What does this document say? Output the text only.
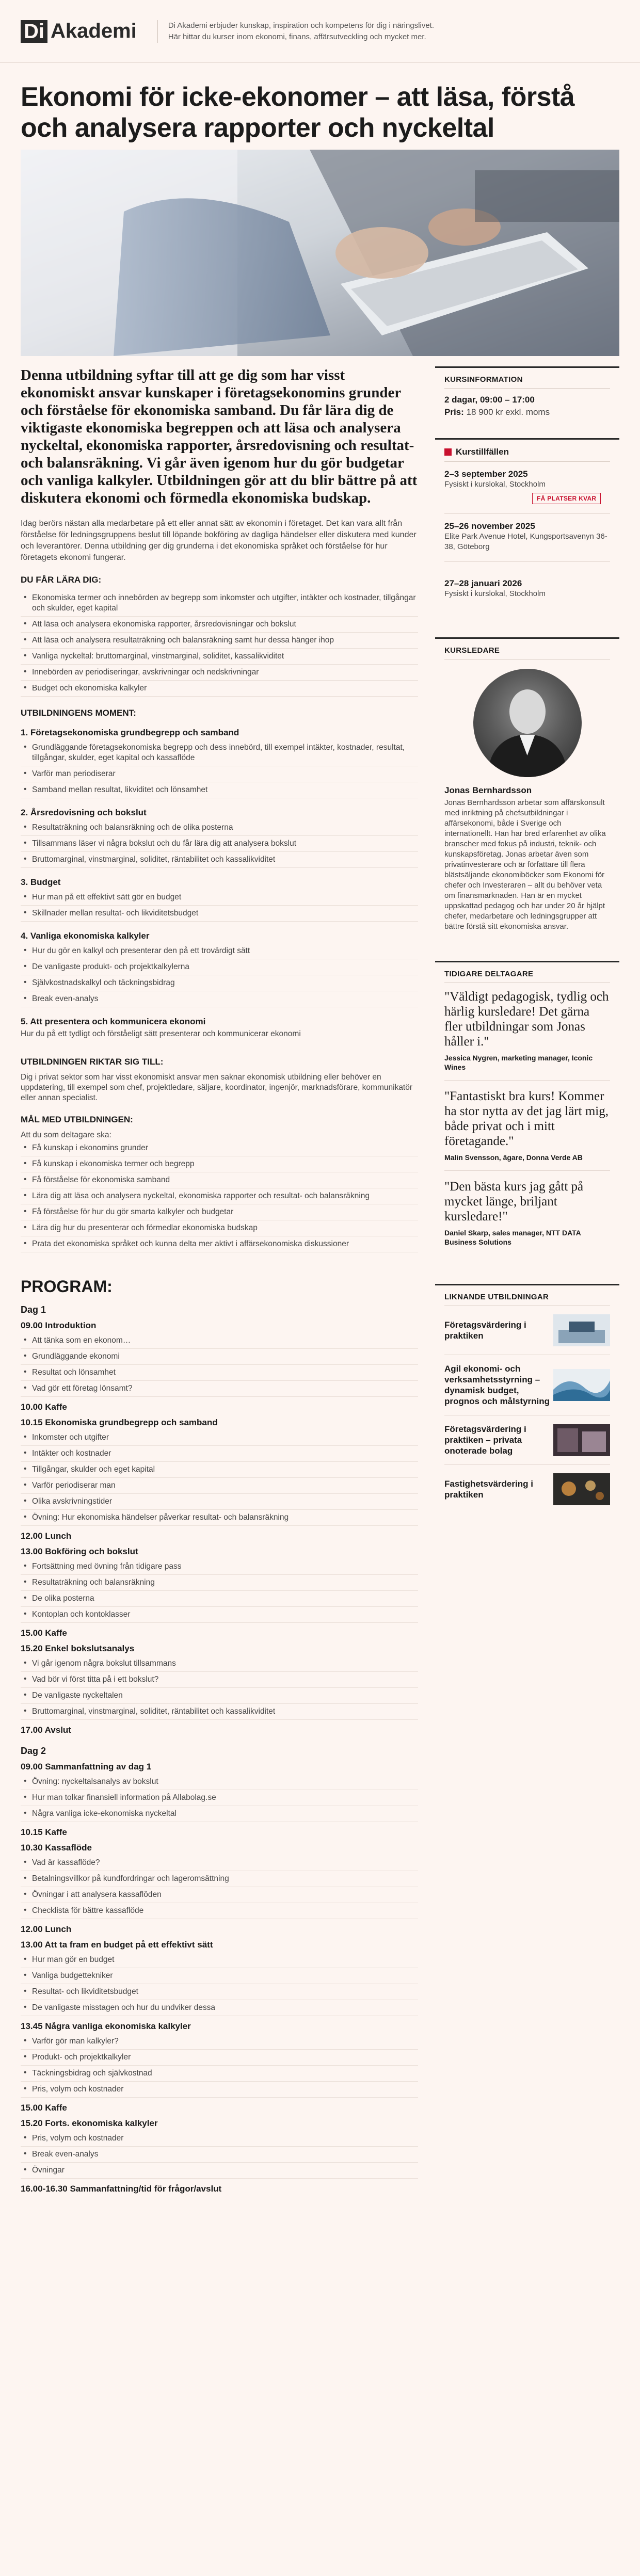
Di Akademi	Di Akademi erbjuder kunskap, inspiration och kompetens för dig i näringslivet.
Här hittar du kurser inom ekonomi, finans, affärsutveckling och mycket mer.
Ekonomi för icke-ekonomer – att läsa, förstå och analysera rapporter och nyckeltal

Denna utbildning syftar till att ge dig som har visst ekonomiskt ansvar kunskaper i företagsekonomins grunder och förståelse för ekonomiska samband. Du får lära dig de viktigaste ekonomiska begreppen och att läsa och analysera nyckeltal, ekonomiska rapporter, årsredovisning och resultat- och balansräkning. Vi går även igenom hur du gör budgetar och vanliga kalkyler. Utbildningen gör att du blir bättre på att diskutera ekonomi och förmedla ekonomiska budskap.

Idag berörs nästan alla medarbetare på ett eller annat sätt av ekonomin i företaget. Det kan vara allt från förståelse för ledningsgruppens beslut till löpande bokföring av dagliga händelser eller diskutera med kunder och leverantörer. Denna utbildning ger dig grunderna i det ekonomiska språket och förståelse för hur företagets ekonomi fungerar.

DU FÅR LÄRA DIG:
• Ekonomiska termer och innebörden av begrepp som inkomster och utgifter, intäkter och kostnader, tillgångar och skulder, eget kapital
• Att läsa och analysera ekonomiska rapporter, årsredovisningar och bokslut
• Att läsa och analysera resultaträkning och balansräkning samt hur dessa hänger ihop
• Vanliga nyckeltal: bruttomarginal, vinstmarginal, soliditet, kassalikviditet
• Innebörden av periodiseringar, avskrivningar och nedskrivningar
• Budget och ekonomiska kalkyler
UTBILDNINGENS MOMENT:
1. Företagsekonomiska grundbegrepp och samband
• Grundläggande företagsekonomiska begrepp och dess innebörd, till exempel intäkter, kostnader, resultat, tillgångar, skulder, eget kapital och kassaflöde
• Varför man periodiserar
• Samband mellan resultat, likviditet och lönsamhet
2. Årsredovisning och bokslut
• Resultaträkning och balansräkning och de olika posterna
• Tillsammans läser vi några bokslut och du får lära dig att analysera bokslut
• Bruttomarginal, vinstmarginal, soliditet, räntabilitet och kassalikviditet
3. Budget
• Hur man på ett effektivt sätt gör en budget
• Skillnader mellan resultat- och likviditetsbudget
4. Vanliga ekonomiska kalkyler
• Hur du gör en kalkyl och presenterar den på ett trovärdigt sätt
• De vanligaste produkt- och projektkalkylerna
• Självkostnadskalkyl och täckningsbidrag
• Break even-analys
5. Att presentera och kommunicera ekonomi

Hur du på ett tydligt och förståeligt sätt presenterar och kommunicerar ekonomi

UTBILDNINGEN RIKTAR SIG TILL:

Dig i privat sektor som har visst ekonomiskt ansvar men saknar ekonomisk utbildning eller behöver en uppdatering, till exempel som chef, projektledare, säljare, koordinator, ingenjör, marknadsförare, kommunikatör eller annan specialist.

MÅL MED UTBILDNINGEN:

Att du som deltagare ska:

• Få kunskap i ekonomins grunder
• Få kunskap i ekonomiska termer och begrepp
• Få förståelse för ekonomiska samband
• Lära dig att läsa och analysera nyckeltal, ekonomiska rapporter och resultat- och balansräkning
• Få förståelse för hur du gör smarta kalkyler och budgetar
• Lära dig hur du presenterar och förmedlar ekonomiska budskap
• Prata det ekonomiska språket och kunna delta mer aktivt i affärsekonomiska diskussioner
PROGRAM:
Dag 1
09.00 Introduktion
• Att tänka som en ekonom…
• Grundläggande ekonomi
• Resultat och lönsamhet
• Vad gör ett företag lönsamt?
10.00 Kaffe
10.15 Ekonomiska grundbegrepp och samband
• Inkomster och utgifter
• Intäkter och kostnader
• Tillgångar, skulder och eget kapital
• Varför periodiserar man
• Olika avskrivningstider
• Övning: Hur ekonomiska händelser påverkar resultat- och balansräkning
12.00 Lunch
13.00 Bokföring och bokslut
• Fortsättning med övning från tidigare pass
• Resultaträkning och balansräkning
• De olika posterna
• Kontoplan och kontoklasser
15.00 Kaffe
15.20 Enkel bokslutsanalys
• Vi går igenom några bokslut tillsammans
• Vad bör vi först titta på i ett bokslut?
• De vanligaste nyckeltalen
• Bruttomarginal, vinstmarginal, soliditet, räntabilitet och kassalikviditet
17.00 Avslut
Dag 2
09.00 Sammanfattning av dag 1
• Övning: nyckeltalsanalys av bokslut
• Hur man tolkar finansiell information på Allabolag.se
• Några vanliga icke-ekonomiska nyckeltal
10.15 Kaffe
10.30 Kassaflöde
• Vad är kassaflöde?
• Betalningsvillkor på kundfordringar och lageromsättning
• Övningar i att analysera kassaflöden
• Checklista för bättre kassaflöde
12.00 Lunch
13.00 Att ta fram en budget på ett effektivt sätt
• Hur man gör en budget
• Vanliga budgettekniker
• Resultat- och likviditetsbudget
• De vanligaste misstagen och hur du undviker dessa
13.45 Några vanliga ekonomiska kalkyler
• Varför gör man kalkyler?
• Produkt- och projektkalkyler
• Täckningsbidrag och självkostnad
• Pris, volym och kostnader
15.00 Kaffe
15.20 Forts. ekonomiska kalkyler
• Pris, volym och kostnader
• Break even-analys
• Övningar
16.00-16.30 Sammanfattning/tid för frågor/avslut
KURSINFORMATION
2 dagar, 09:00 – 17:00
Pris: 18 900 kr exkl. moms
Kurstillfällen
2–3 september 2025
Fysiskt i kurslokal, Stockholm
FÅ PLATSER KVAR
25–26 november 2025
Elite Park Avenue Hotel, Kungsportsavenyn 36-38, Göteborg
27–28 januari 2026
Fysiskt i kurslokal, Stockholm
KURSLEDARE
Jonas Bernhardsson
Jonas Bernhardsson arbetar som affärskonsult med inriktning på chefsutbildningar i affärsekonomi, både i Sverige och internationellt. Han har bred erfarenhet av olika branscher med fokus på industri, teknik- och kunskapsföretag. Jonas arbetar även som privatinvesterare och är författare till flera blästsäljande ekonomiböcker som Ekonomi för chefer och Investeraren – allt du behöver veta om finansmarknaden. Han är en mycket uppskattad pedagog och har under 20 år hjälpt chefer, medarbetare och ledningsgrupper att bättre förstå sitt ekonomiska ansvar.
TIDIGARE DELTAGARE
"Väldigt pedagogisk, tydlig och härlig kursledare! Det gärna fler utbildningar som Jonas håller i."
Jessica Nygren, marketing manager, Iconic Wines
"Fantastiskt bra kurs! Kommer ha stor nytta av det jag lärt mig, både privat och i mitt företagande."
Malin Svensson, ägare, Donna Verde AB
"Den bästa kurs jag gått på mycket länge, briljant kursledare!"
Daniel Skarp, sales manager, NTT DATA Business Solutions
LIKNANDE UTBILDNINGAR
Företagsvärdering i praktiken
Agil ekonomi- och verksamhetsstyrning – dynamisk budget, prognos och målstyrning
Företagsvärdering i praktiken – privata onoterade bolag
Fastighetsvärdering i praktiken
